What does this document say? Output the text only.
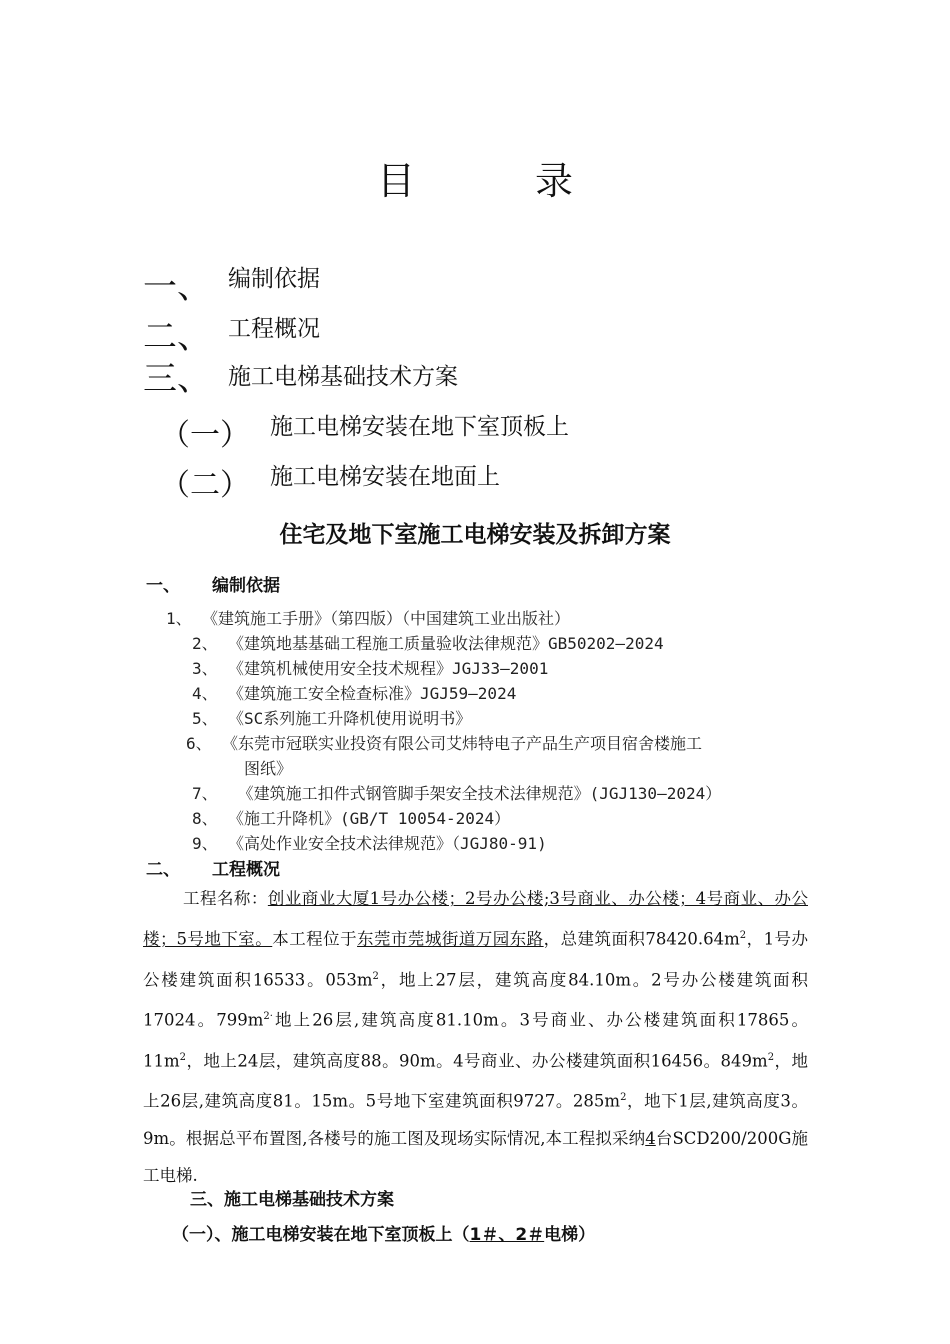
目	录
一、 编制依据
二、 工程概况
三、 施工电梯基础技术方案
（一） 施工电梯安装在地下室顶板上
（二） 施工电梯安装在地面上
住宅及地下室施工电梯安装及拆卸方案
一、 编制依据
1、 《建筑施工手册》（第四版）（中国建筑工业出版社）
2、 《建筑地基基础工程施工质量验收法律规范》GB50202—2024
3、 《建筑机械使用安全技术规程》JGJ33—2001
4、 《建筑施工安全检查标准》JGJ59—2024
5、 《SC系列施工升降机使用说明书》
6、 《东莞市冠联实业投资有限公司艾炜特电子产品生产项目宿舍楼施工
图纸》
7、 《建筑施工扣件式钢管脚手架安全技术法律规范》(JGJ130—2024）
8、 《施工升降机》(GB/T 10054-2024）
9、 《高处作业安全技术法律规范》（JGJ80-91)
二、 工程概况
工程名称：创业商业大厦1号办公楼；2号办公楼;3号商业、办公楼；4号商业、办公楼；5号地下室。本工程位于东莞市莞城街道万园东路，总建筑面积$78420.64m^2$，1号办公楼建筑面积16533。$053m^2$，地上27层，建筑高度84.10m。2号办公楼建筑面积17024。$799m^{2\cdot}$地上26层,建筑高度81.10m。3号商业、办公楼建筑面积17865。$11m^2$，地上24层，建筑高度88。90m。4号商业、办公楼建筑面积16456。$849m^2$，地上26层,建筑高度81。15m。5号地下室建筑面积9727。$285m^2$，地下1层,建筑高度3。9m。根据总平布置图,各楼号的施工图及现场实际情况,本工程拟采纳4台SCD200/200G施工电梯.
三、施工电梯基础技术方案
（一）、施工电梯安装在地下室顶板上（1＃、2＃电梯）
